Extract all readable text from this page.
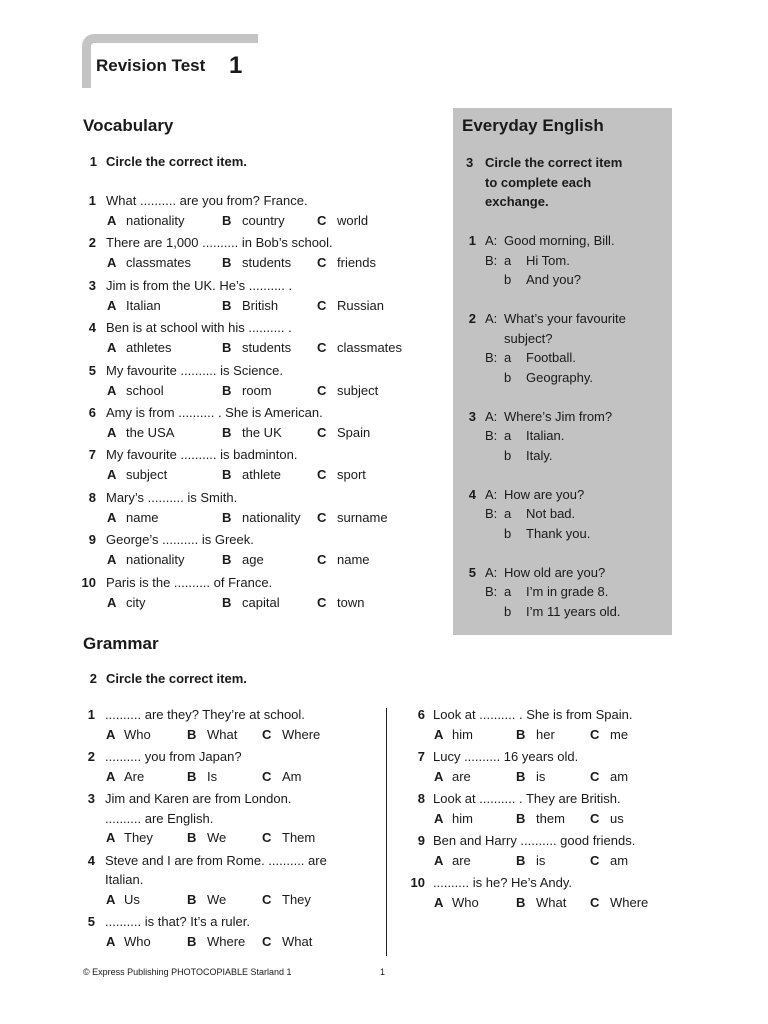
Revision Test 1
Vocabulary
1 Circle the correct item.
1 What .......... are you from? France.
A nationality	B country C world
2 There are 1,000 .......... in Bob’s school.
A classmates B students C friends
3 Jim is from the UK. He’s .......... .
A Italian	B British	C Russian
4 Ben is at school with his .......... .
A athletes	B students C classmates
5 My favourite .......... is Science.
A school	B room	C subject
6 Amy is from .......... . She is American.
A the USA	B the UK	C Spain
7 My favourite .......... is badminton.
A subject	B athlete	C sport
8 Mary’s .......... is Smith.
A name	B nationality C surname
9 George’s .......... is Greek.
A nationality	B age	C name
10 Paris is the .......... of France.
A city	B capital	C town
Everyday English
3 Circle the correct item
to complete each
exchange.
1 A: Good morning, Bill.
B: a Hi Tom.
b And you?
2 A: What’s your favourite
subject?
B: a Football.
b Geography.
3 A: Where’s Jim from?
B: a Italian.
b Italy.
4 A: How are you?
B: a Not bad.
b Thank you.
5 A: How old are you?
B: a I’m in grade 8.
b I’m 11 years old.
Grammar
2 Circle the correct item.
1 .......... are they? They’re at school.
A Who	B What C Where
2 .......... you from Japan?
A Are	B Is	C Am
3 Jim and Karen are from London.
.......... are English.
A They	B We	C Them
4 Steve and I are from Rome. .......... are
Italian.
A Us	B We	C They
5 .......... is that? It’s a ruler.
A Who	B Where C What
6 Look at .......... . She is from Spain.
A him	B her	C me
7 Lucy .......... 16 years old.
A are	B is	C am
8 Look at .......... . They are British.
A him	B them C us
9 Ben and Harry .......... good friends.
A are	B is	C am
10 .......... is he? He’s Andy.
A Who	B What C Where
© Express Publishing PHOTOCOPIABLE Starland 1	1
